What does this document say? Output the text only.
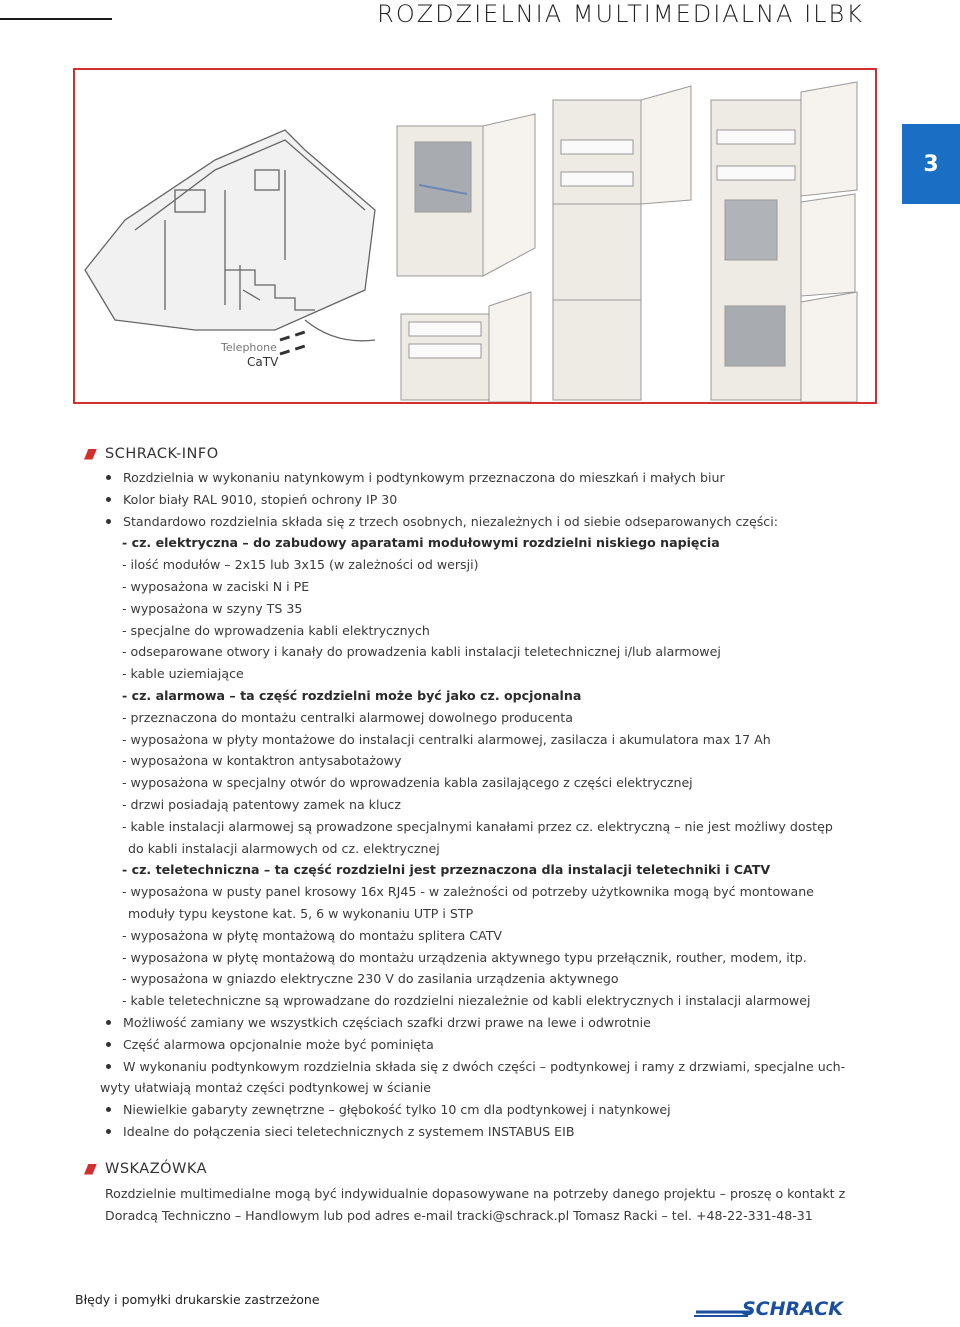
ROZDZIELNIA MULTIMEDIALNA ILBK
3
Telephone
CaTV
SCHRACK-INFO
Rozdzielnia w wykonaniu natynkowym i podtynkowym przeznaczona do mieszkań i małych biur
Kolor biały RAL 9010, stopień ochrony IP 30
Standardowo rozdzielnia składa się z trzech osobnych, niezależnych i od siebie odseparowanych części:
- cz. elektryczna – do zabudowy aparatami modułowymi rozdzielni niskiego napięcia
- ilość modułów – 2x15 lub 3x15 (w zależności od wersji)
- wyposażona w zaciski N i PE
- wyposażona w szyny TS 35
- specjalne do wprowadzenia kabli elektrycznych
- odseparowane otwory i kanały do prowadzenia kabli instalacji teletechnicznej i/lub alarmowej
- kable uziemiające
- cz. alarmowa – ta część rozdzielni może być jako cz. opcjonalna
- przeznaczona do montażu centralki alarmowej dowolnego producenta
- wyposażona w płyty montażowe do instalacji centralki alarmowej, zasilacza i akumulatora max 17 Ah
- wyposażona w kontaktron antysabotażowy
- wyposażona w specjalny otwór do wprowadzenia kabla zasilającego z części elektrycznej
- drzwi posiadają patentowy zamek na klucz
- kable instalacji alarmowej są prowadzone specjalnymi kanałami przez cz. elektryczną – nie jest możliwy dostęp
do kabli instalacji alarmowych od cz. elektrycznej
- cz. teletechniczna – ta część rozdzielni jest przeznaczona dla instalacji teletechniki i CATV
- wyposażona w pusty panel krosowy 16x RJ45 - w zależności od potrzeby użytkownika mogą być montowane
moduły typu keystone kat. 5, 6 w wykonaniu UTP i STP
- wyposażona w płytę montażową do montażu splitera CATV
- wyposażona w płytę montażową do montażu urządzenia aktywnego typu przełącznik, routher, modem, itp.
- wyposażona w gniazdo elektryczne 230 V do zasilania urządzenia aktywnego
- kable teletechniczne są wprowadzane do rozdzielni niezależnie od kabli elektrycznych i instalacji alarmowej
Możliwość zamiany we wszystkich częściach szafki drzwi prawe na lewe i odwrotnie
Część alarmowa opcjonalnie może być pominięta
W wykonaniu podtynkowym rozdzielnia składa się z dwóch części – podtynkowej i ramy z drzwiami, specjalne uch-
wyty ułatwiają montaż części podtynkowej w ścianie
Niewielkie gabaryty zewnętrzne – głębokość tylko 10 cm dla podtynkowej i natynkowej
Idealne do połączenia sieci teletechnicznych z systemem INSTABUS EIB
WSKAZÓWKA
Rozdzielnie multimedialne mogą być indywidualnie dopasowywane na potrzeby danego projektu – proszę o kontakt z
Doradcą Techniczno – Handlowym lub pod adres e-mail tracki@schrack.pl Tomasz Racki – tel. +48-22-331-48-31
Błędy i pomyłki drukarskie zastrzeżone	SCHRACK
